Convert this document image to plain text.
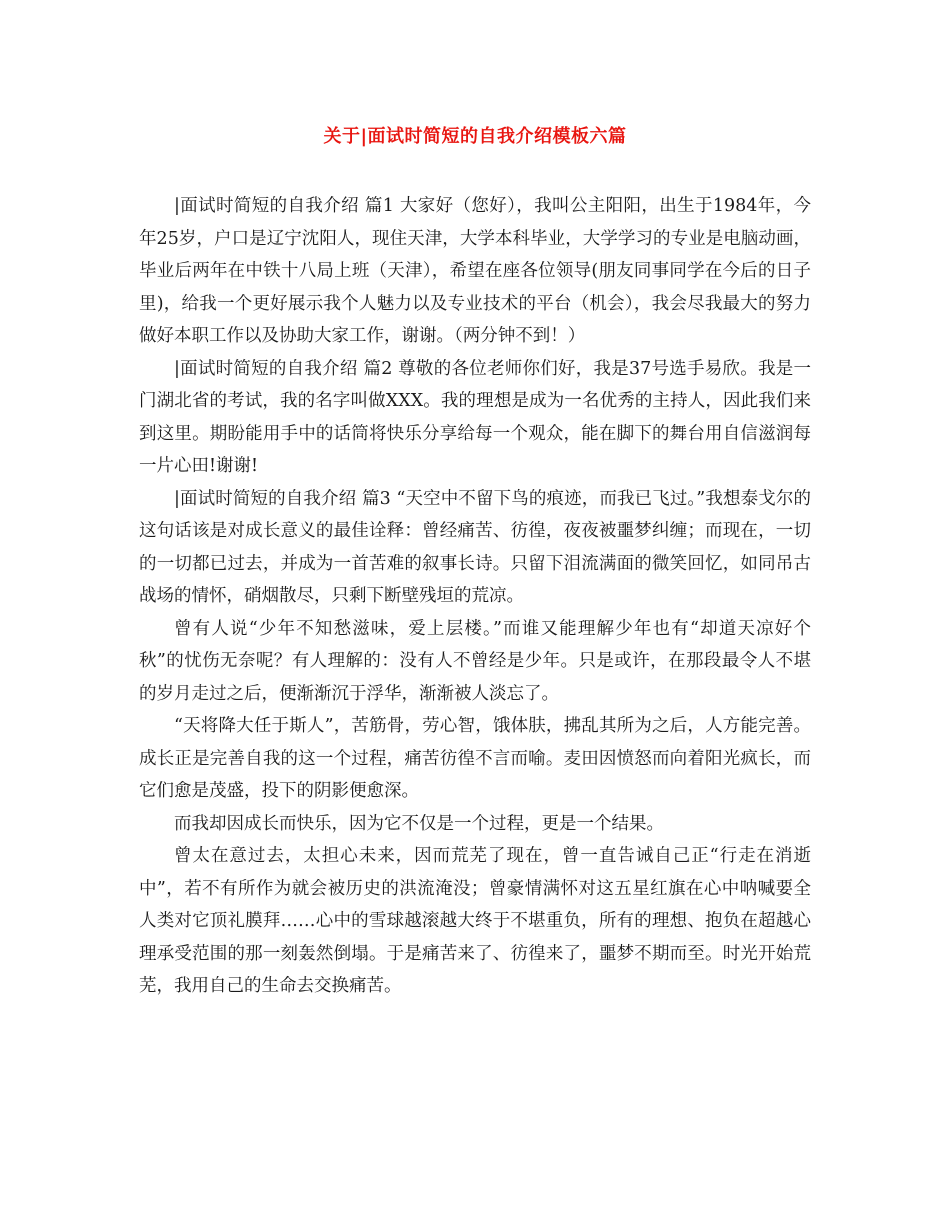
关于|面试时简短的自我介绍模板六篇

|面试时简短的自我介绍 篇1 大家好（您好），我叫公主阳阳，出生于1984年，今年25岁，户口是辽宁沈阳人，现住天津，大学本科毕业，大学学习的专业是电脑动画，毕业后两年在中铁十八局上班（天津），希望在座各位领导(朋友同事同学在今后的日子里)，给我一个更好展示我个人魅力以及专业技术的平台（机会），我会尽我最大的努力做好本职工作以及协助大家工作，谢谢。（两分钟不到！）

|面试时简短的自我介绍 篇2 尊敬的各位老师你们好，我是37号选手易欣。我是一门湖北省的考试，我的名字叫做XXX。我的理想是成为一名优秀的主持人，因此我们来到这里。期盼能用手中的话筒将快乐分享给每一个观众，能在脚下的舞台用自信滋润每一片心田!谢谢!

|面试时简短的自我介绍 篇3 “天空中不留下鸟的痕迹，而我已飞过。”我想泰戈尔的这句话该是对成长意义的最佳诠释：曾经痛苦、彷徨，夜夜被噩梦纠缠；而现在，一切的一切都已过去，并成为一首苦难的叙事长诗。只留下泪流满面的微笑回忆，如同吊古战场的情怀，硝烟散尽，只剩下断壁残垣的荒凉。

曾有人说“少年不知愁滋味，爱上层楼。”而谁又能理解少年也有“却道天凉好个秋”的忧伤无奈呢？有人理解的：没有人不曾经是少年。只是或许，在那段最令人不堪的岁月走过之后，便渐渐沉于浮华，渐渐被人淡忘了。

“天将降大任于斯人”，苦筋骨，劳心智，饿体肤，拂乱其所为之后，人方能完善。成长正是完善自我的这一个过程，痛苦彷徨不言而喻。麦田因愤怒而向着阳光疯长，而它们愈是茂盛，投下的阴影便愈深。

而我却因成长而快乐，因为它不仅是一个过程，更是一个结果。

曾太在意过去，太担心未来，因而荒芜了现在，曾一直告诫自己正“行走在消逝中”，若不有所作为就会被历史的洪流淹没；曾豪情满怀对这五星红旗在心中呐喊要全人类对它顶礼膜拜……心中的雪球越滚越大终于不堪重负，所有的理想、抱负在超越心理承受范围的那一刻轰然倒塌。于是痛苦来了、彷徨来了，噩梦不期而至。时光开始荒芜，我用自己的生命去交换痛苦。
